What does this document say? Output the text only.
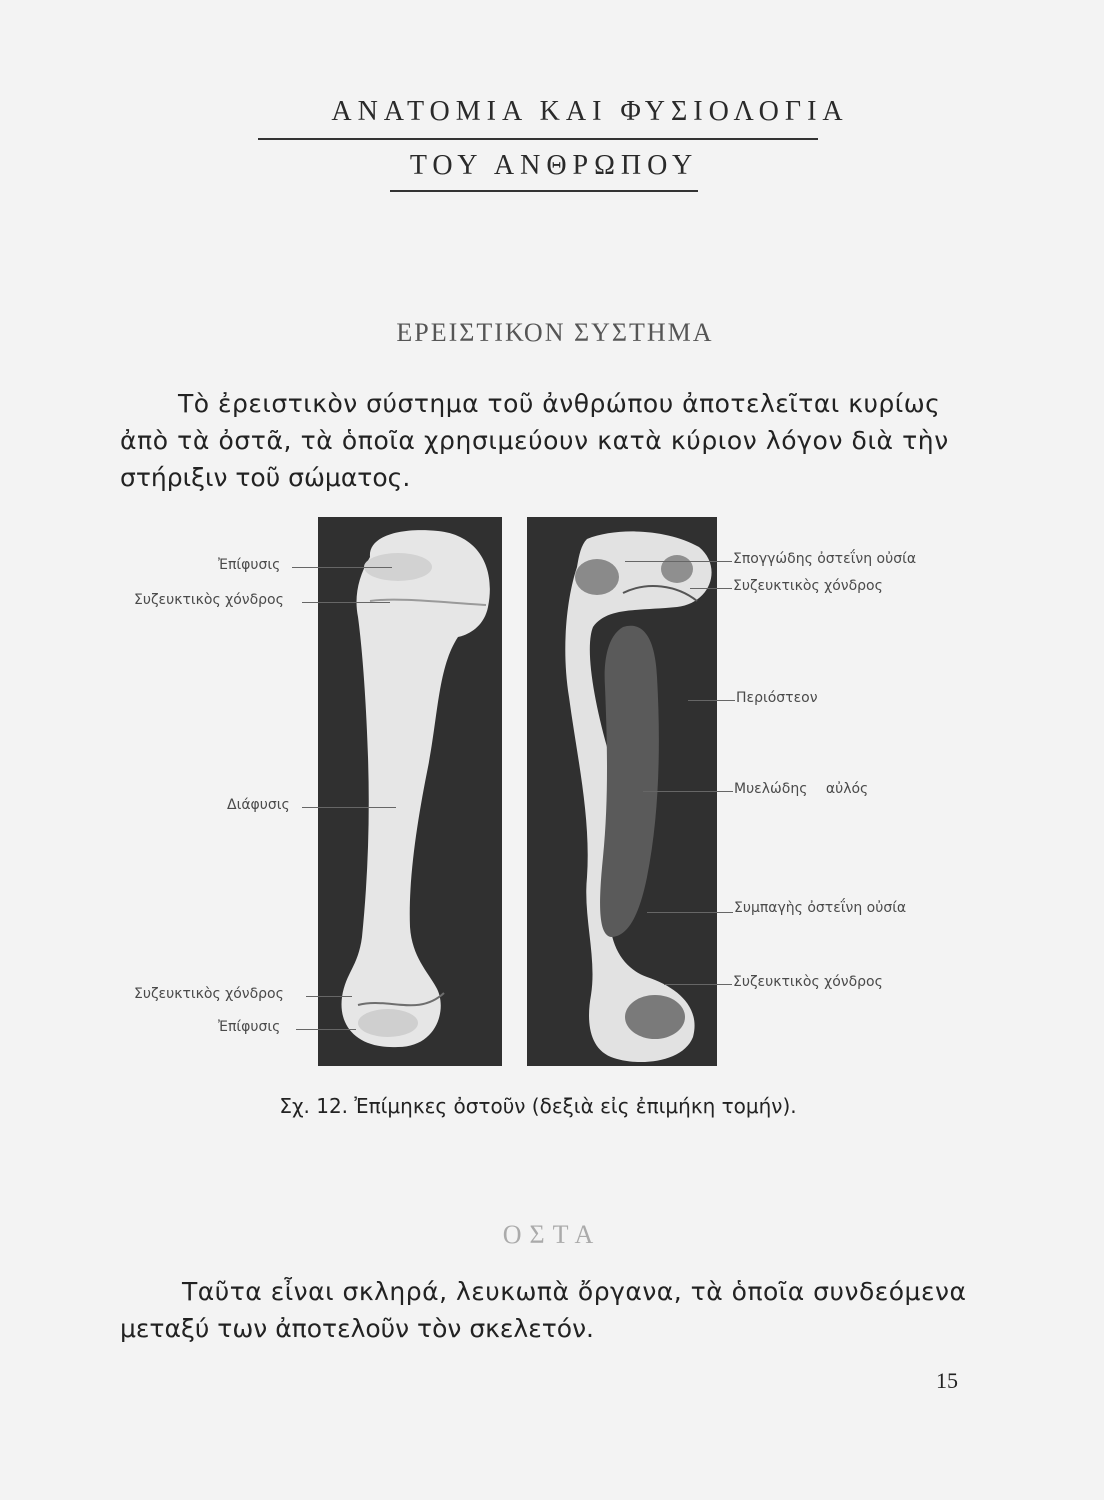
ΑΝΑΤΟΜΙΑ ΚΑΙ ΦΥΣΙΟΛΟΓΙΑ
ΤΟΥ ΑΝΘΡΩΠΟΥ
ΕΡΕΙΣΤΙΚΟΝ ΣΥΣΤΗΜΑ
Τὸ ἐρειστικὸν σύστημα τοῦ ἀνθρώπου ἀποτελεῖται κυρίως
ἀπὸ τὰ ὀστᾶ, τὰ ὁποῖα χρησιμεύουν κατὰ κύριον λόγον διὰ τὴν
στήριξιν τοῦ σώματος.
Ἐπίφυσις
Συζευκτικὸς χόνδρος
Διάφυσις
Συζευκτικὸς χόνδρος
Ἐπίφυσις
Σπογγώδης ὀστεΐνη οὐσία
Συζευκτικὸς χόνδρος
Περιόστεον
Μυελώδης αὐλός
Συμπαγὴς ὀστεΐνη οὐσία
Συζευκτικὸς χόνδρος
Σχ. 12. Ἐπίμηκες ὀστοῦν (δεξιὰ εἰς ἐπιμήκη τομήν).
ΟΣΤΑ
Ταῦτα εἶναι σκληρά, λευκωπὰ ὄργανα, τὰ ὁποῖα συνδεόμενα
μεταξύ των ἀποτελοῦν τὸν σκελετόν.
15
